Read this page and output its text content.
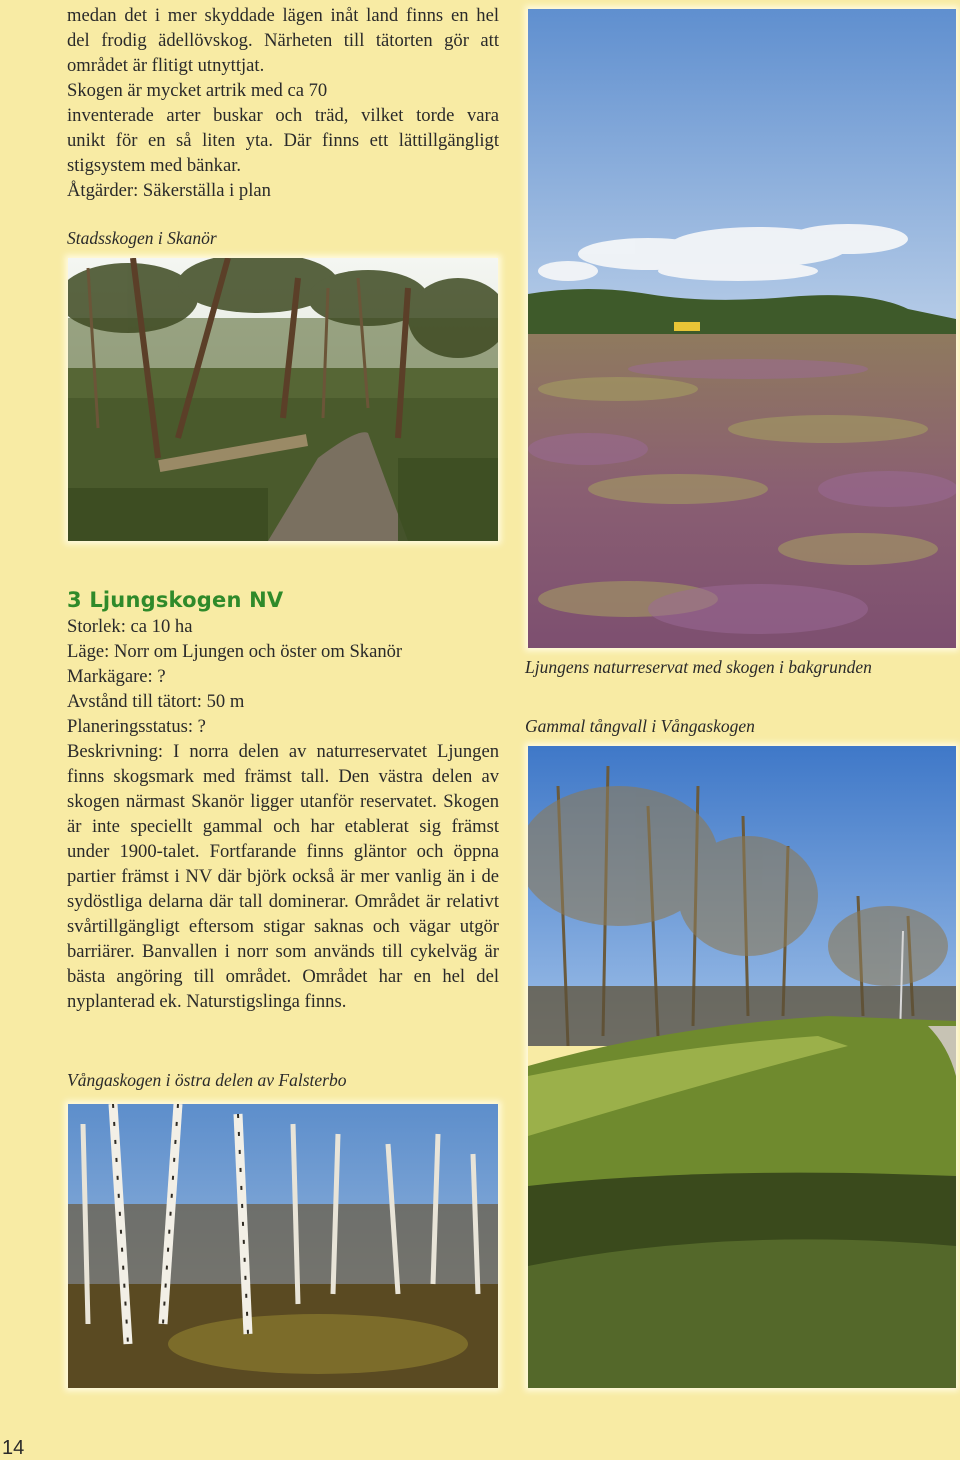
medan det i mer skyddade lägen inåt land finns en hel
del frodig ädellövskog. Närheten till tätorten gör att
området är flitigt utnyttjat.
Skogen är mycket artrik med ca 70
inventerade arter buskar och träd, vilket torde vara
unikt för en så liten yta. Där finns ett lättillgängligt
stigsystem med bänkar.
Åtgärder: Säkerställa i plan
Stadsskogen i Skanör
Ljungens naturreservat med skogen i bakgrunden
3 Ljungskogen NV
Storlek: ca 10 ha
Läge: Norr om Ljungen och öster om Skanör
Markägare: ?
Avstånd till tätort: 50 m
Planeringsstatus: ?
Beskrivning: I norra delen av naturreservatet Ljungen finns skogsmark med främst tall. Den västra delen av skogen närmast Skanör ligger utanför reservatet. Skogen är inte speciellt gammal och har etablerat sig främst under 1900-talet. Fortfarande finns gläntor och öppna partier främst i NV där björk också är mer vanlig än i de sydöstliga delarna där tall dominerar. Området är relativt svårtillgängligt eftersom stigar saknas och vägar utgör barriärer. Banvallen i norr som används till cykelväg är bästa angöring till området. Området har en hel del nyplanterad ek. Naturstigslinga finns.
Gammal tångvall i Vångaskogen
Vångaskogen i östra delen av Falsterbo
14
